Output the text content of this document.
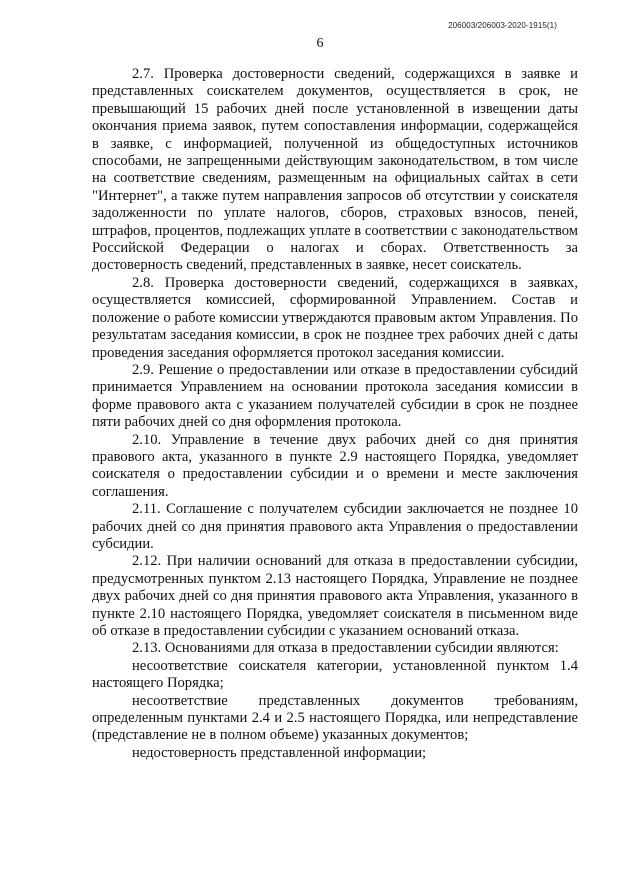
206003/206003-2020-1915(1)
6

2.7. Проверка достоверности сведений, содержащихся в заявке и представленных соискателем документов, осуществляется в срок, не превышающий 15 рабочих дней после установленной в извещении даты окончания приема заявок, путем сопоставления информации, содержащейся в заявке, с информацией, полученной из общедоступных источников способами, не запрещенными действующим законодательством, в том числе на соответствие сведениям, размещенным на официальных сайтах в сети "Интернет", а также путем направления запросов об отсутствии у соискателя задолженности по уплате налогов, сборов, страховых взносов, пеней, штрафов, процентов, подлежащих уплате в соответствии с законодательством Российской Федерации о налогах и сборах. Ответственность за достоверность сведений, представленных в заявке, несет соискатель.

2.8. Проверка достоверности сведений, содержащихся в заявках, осуществляется комиссией, сформированной Управлением. Состав и положение о работе комиссии утверждаются правовым актом Управления. По результатам заседания комиссии, в срок не позднее трех рабочих дней с даты проведения заседания оформляется протокол заседания комиссии.

2.9. Решение о предоставлении или отказе в предоставлении субсидий принимается Управлением на основании протокола заседания комиссии в форме правового акта с указанием получателей субсидии в срок не позднее пяти рабочих дней со дня оформления протокола.

2.10. Управление в течение двух рабочих дней со дня принятия правового акта, указанного в пункте 2.9 настоящего Порядка, уведомляет соискателя о предоставлении субсидии и о времени и месте заключения соглашения.

2.11. Соглашение с получателем субсидии заключается не позднее 10 рабочих дней со дня принятия правового акта Управления о предоставлении субсидии.

2.12. При наличии оснований для отказа в предоставлении субсидии, предусмотренных пунктом 2.13 настоящего Порядка, Управление не позднее двух рабочих дней со дня принятия правового акта Управления, указанного в пункте 2.10 настоящего Порядка, уведомляет соискателя в письменном виде об отказе в предоставлении субсидии с указанием оснований отказа.

2.13. Основаниями для отказа в предоставлении субсидии являются:

несоответствие соискателя категории, установленной пунктом 1.4 настоящего Порядка;

несоответствие представленных документов требованиям, определенным пунктами 2.4 и 2.5 настоящего Порядка, или непредставление (представление не в полном объеме) указанных документов;

недостоверность представленной информации;
